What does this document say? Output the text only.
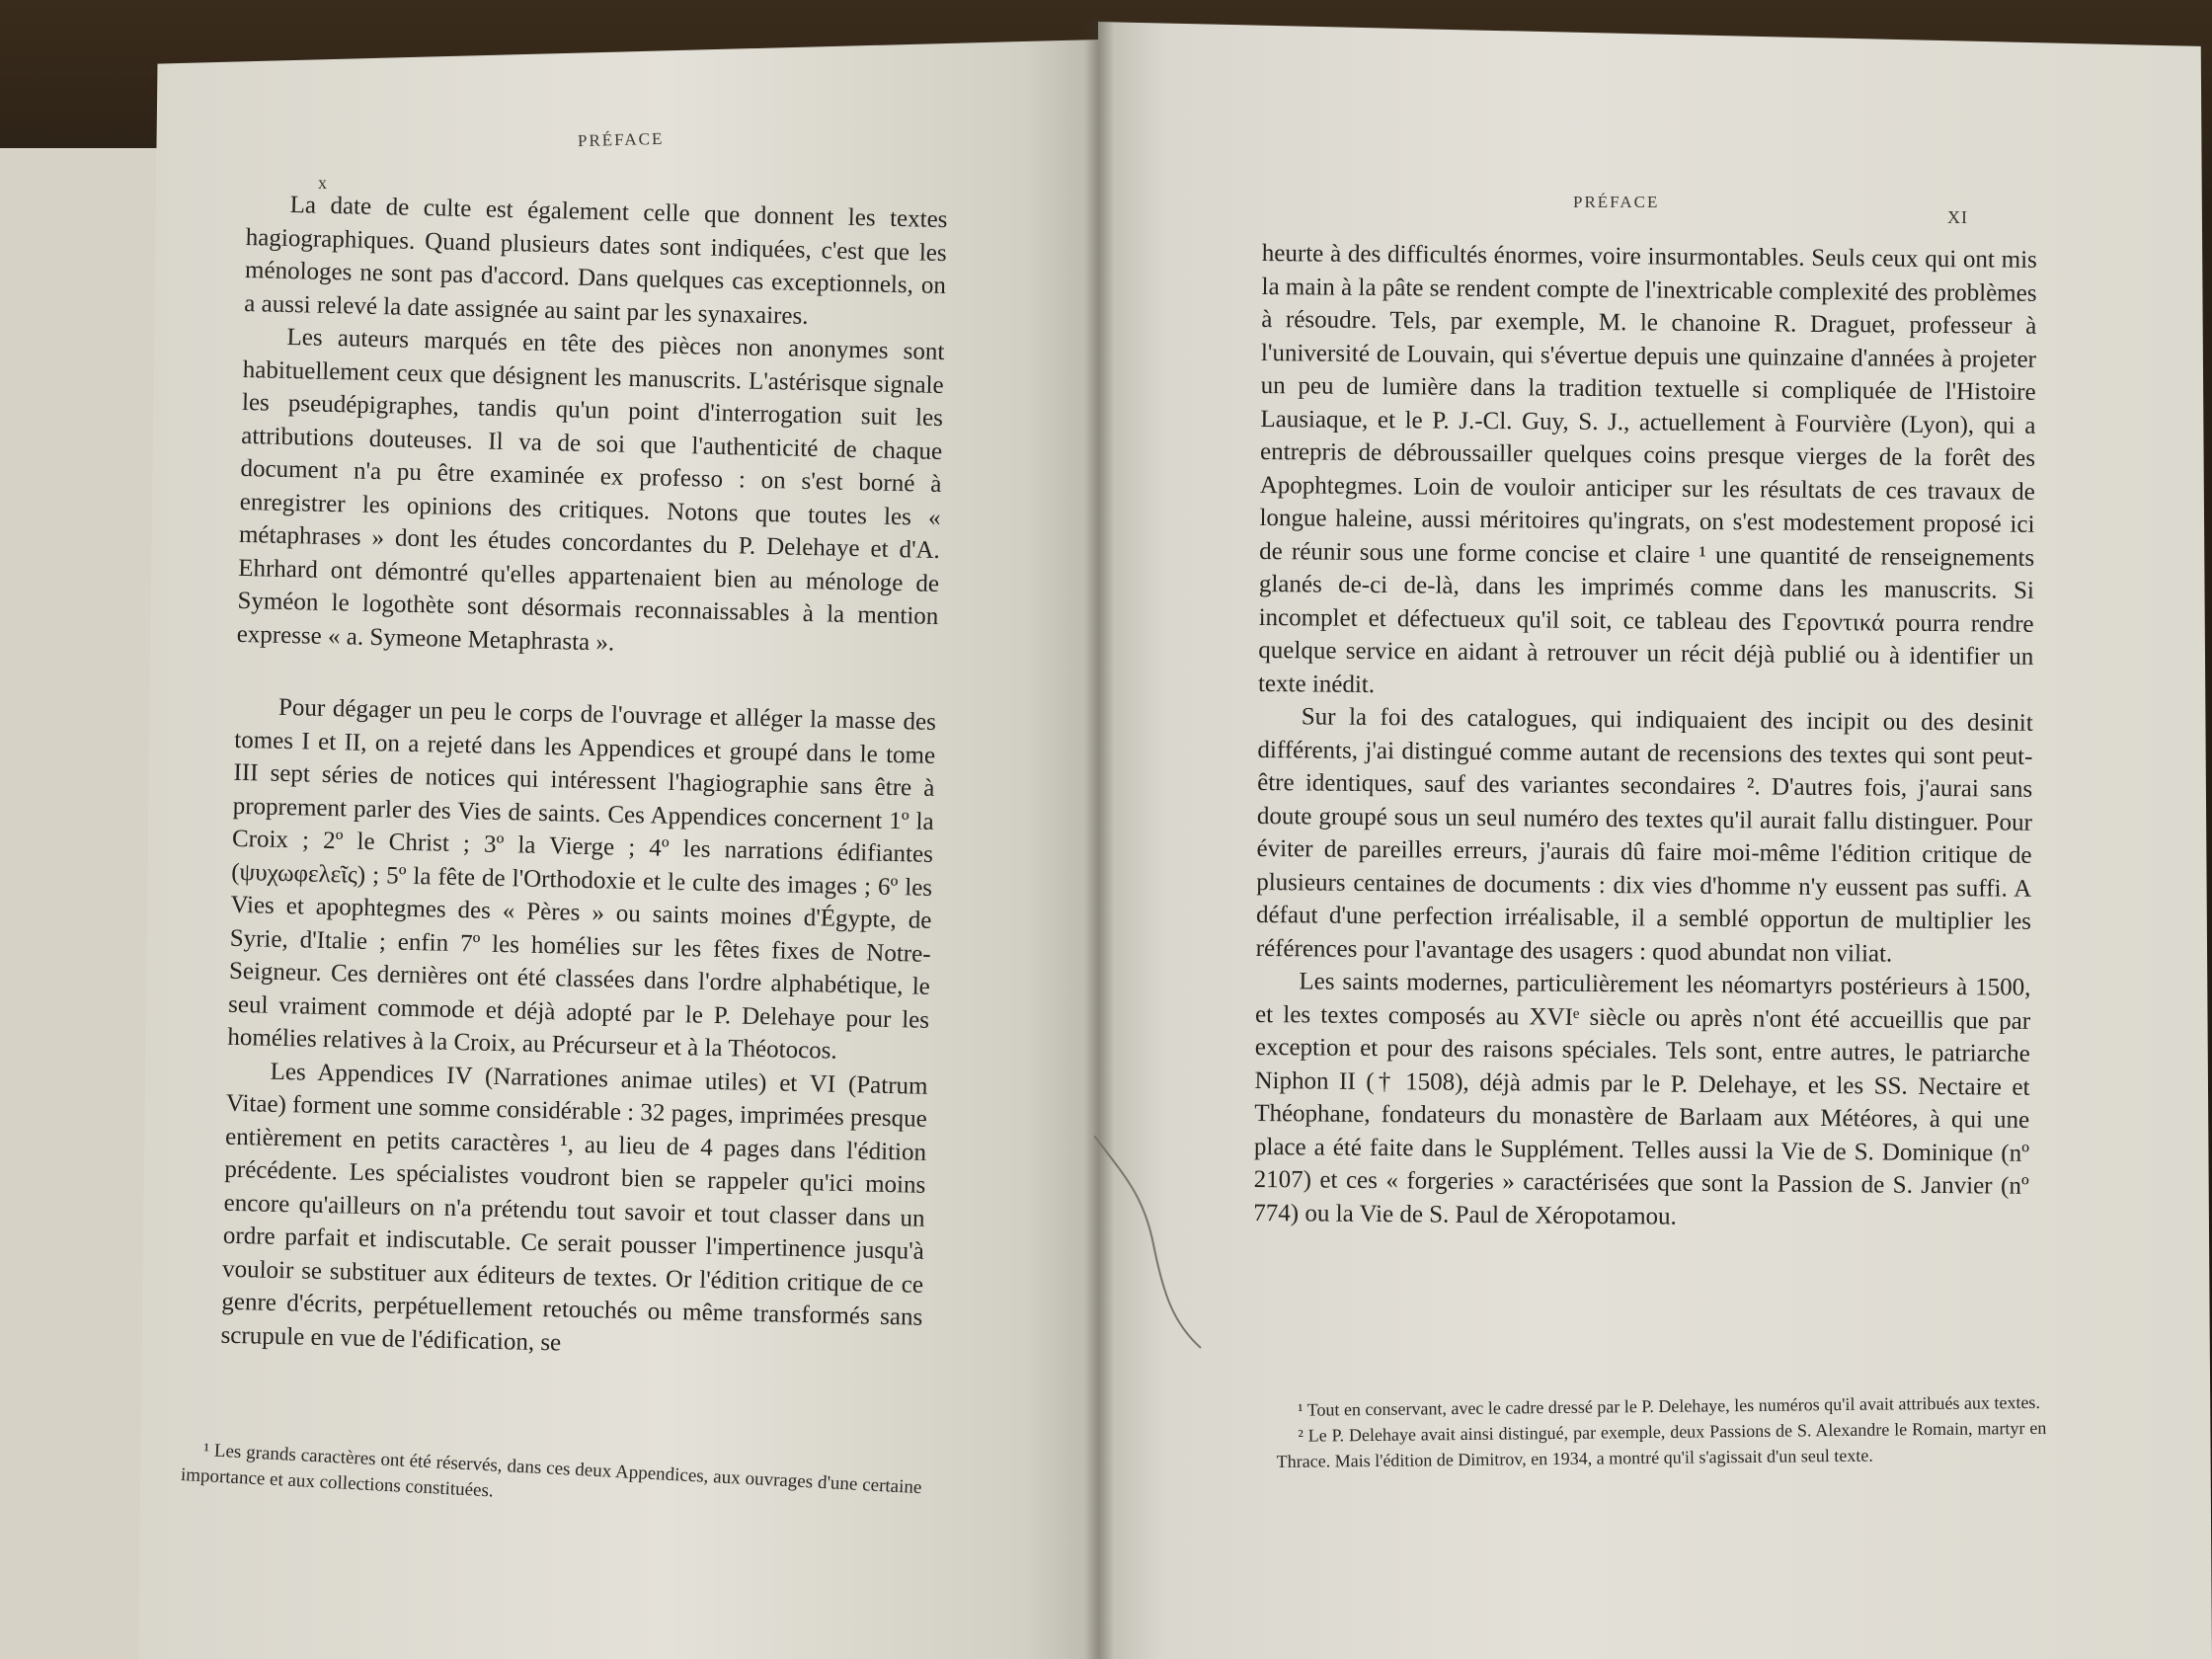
PRÉFACE
x

La date de culte est également celle que donnent les textes hagiographiques. Quand plusieurs dates sont indiquées, c'est que les ménologes ne sont pas d'accord. Dans quelques cas exceptionnels, on a aussi relevé la date assignée au saint par les synaxaires.

Les auteurs marqués en tête des pièces non anonymes sont habituellement ceux que désignent les manuscrits. L'astérisque signale les pseudépigraphes, tandis qu'un point d'interrogation suit les attributions douteuses. Il va de soi que l'authenticité de chaque document n'a pu être examinée ex professo : on s'est borné à enregistrer les opinions des critiques. Notons que toutes les « métaphrases » dont les études concordantes du P. Delehaye et d'A. Ehrhard ont démontré qu'elles appartenaient bien au ménologe de Syméon le logothète sont désormais reconnaissables à la mention expresse « a. Symeone Metaphrasta ».

Pour dégager un peu le corps de l'ouvrage et alléger la masse des tomes I et II, on a rejeté dans les Appendices et groupé dans le tome III sept séries de notices qui intéressent l'hagiographie sans être à proprement parler des Vies de saints. Ces Appendices concernent 1º la Croix ; 2º le Christ ; 3º la Vierge ; 4º les narrations édifiantes (ψυχωφελεῖς) ; 5º la fête de l'Orthodoxie et le culte des images ; 6º les Vies et apophtegmes des « Pères » ou saints moines d'Égypte, de Syrie, d'Italie ; enfin 7º les homélies sur les fêtes fixes de Notre-Seigneur. Ces dernières ont été classées dans l'ordre alphabétique, le seul vraiment commode et déjà adopté par le P. Delehaye pour les homélies relatives à la Croix, au Précurseur et à la Théotocos.

Les Appendices IV (Narrationes animae utiles) et VI (Patrum Vitae) forment une somme considérable : 32 pages, imprimées presque entièrement en petits caractères ¹, au lieu de 4 pages dans l'édition précédente. Les spécialistes voudront bien se rappeler qu'ici moins encore qu'ailleurs on n'a prétendu tout savoir et tout classer dans un ordre parfait et indiscutable. Ce serait pousser l'impertinence jusqu'à vouloir se substituer aux éditeurs de textes. Or l'édition critique de ce genre d'écrits, perpétuellement retouchés ou même transformés sans scrupule en vue de l'édification, se

¹ Les grands caractères ont été réservés, dans ces deux Appendices, aux ouvrages d'une certaine importance et aux collections constituées.

PRÉFACE
XI

heurte à des difficultés énormes, voire insurmontables. Seuls ceux qui ont mis la main à la pâte se rendent compte de l'inextricable complexité des problèmes à résoudre. Tels, par exemple, M. le chanoine R. Draguet, professeur à l'université de Louvain, qui s'évertue depuis une quinzaine d'années à projeter un peu de lumière dans la tradition textuelle si compliquée de l'Histoire Lausiaque, et le P. J.-Cl. Guy, S. J., actuellement à Fourvière (Lyon), qui a entrepris de débroussailler quelques coins presque vierges de la forêt des Apophtegmes. Loin de vouloir anticiper sur les résultats de ces travaux de longue haleine, aussi méritoires qu'ingrats, on s'est modestement proposé ici de réunir sous une forme concise et claire ¹ une quantité de renseignements glanés de-ci de-là, dans les imprimés comme dans les manuscrits. Si incomplet et défectueux qu'il soit, ce tableau des Γεροντικά pourra rendre quelque service en aidant à retrouver un récit déjà publié ou à identifier un texte inédit.

Sur la foi des catalogues, qui indiquaient des incipit ou des desinit différents, j'ai distingué comme autant de recensions des textes qui sont peut-être identiques, sauf des variantes secondaires ². D'autres fois, j'aurai sans doute groupé sous un seul numéro des textes qu'il aurait fallu distinguer. Pour éviter de pareilles erreurs, j'aurais dû faire moi-même l'édition critique de plusieurs centaines de documents : dix vies d'homme n'y eussent pas suffi. A défaut d'une perfection irréalisable, il a semblé opportun de multiplier les références pour l'avantage des usagers : quod abundat non viliat.

Les saints modernes, particulièrement les néomartyrs postérieurs à 1500, et les textes composés au XVIᵉ siècle ou après n'ont été accueillis que par exception et pour des raisons spéciales. Tels sont, entre autres, le patriarche Niphon II († 1508), déjà admis par le P. Delehaye, et les SS. Nectaire et Théophane, fondateurs du monastère de Barlaam aux Météores, à qui une place a été faite dans le Supplément. Telles aussi la Vie de S. Dominique (nº 2107) et ces « forgeries » caractérisées que sont la Passion de S. Janvier (nº 774) ou la Vie de S. Paul de Xéropotamou.

¹ Tout en conservant, avec le cadre dressé par le P. Delehaye, les numéros qu'il avait attribués aux textes.

² Le P. Delehaye avait ainsi distingué, par exemple, deux Passions de S. Alexandre le Romain, martyr en Thrace. Mais l'édition de Dimitrov, en 1934, a montré qu'il s'agissait d'un seul texte.
